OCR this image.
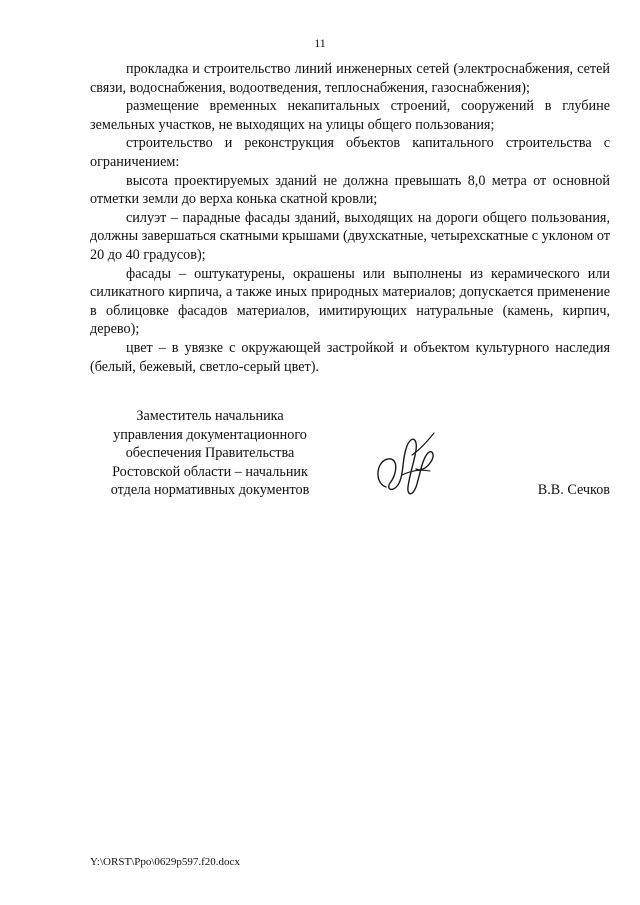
11

прокладка и строительство линий инженерных сетей (электроснабжения, сетей связи, водоснабжения, водоотведения, теплоснабжения, газоснабжения);

размещение временных некапитальных строений, сооружений в глубине земельных участков, не выходящих на улицы общего пользования;

строительство и реконструкция объектов капитального строительства с ограничением:

высота проектируемых зданий не должна превышать 8,0 метра от основной отметки земли до верха конька скатной кровли;

силуэт – парадные фасады зданий, выходящих на дороги общего пользования, должны завершаться скатными крышами (двухскатные, четырехскатные с уклоном от 20 до 40 градусов);

фасады – оштукатурены, окрашены или выполнены из керамического или силикатного кирпича, а также иных природных материалов; допускается применение в облицовке фасадов материалов, имитирующих натуральные (камень, кирпич, дерево);

цвет – в увязке с окружающей застройкой и объектом культурного наследия (белый, бежевый, светло-серый цвет).

Заместитель начальника
управления документационного
обеспечения Правительства
Ростовской области – начальник
отдела нормативных документов	В.В. Сечков
Y:\ORST\Ppo\0629p597.f20.docx
